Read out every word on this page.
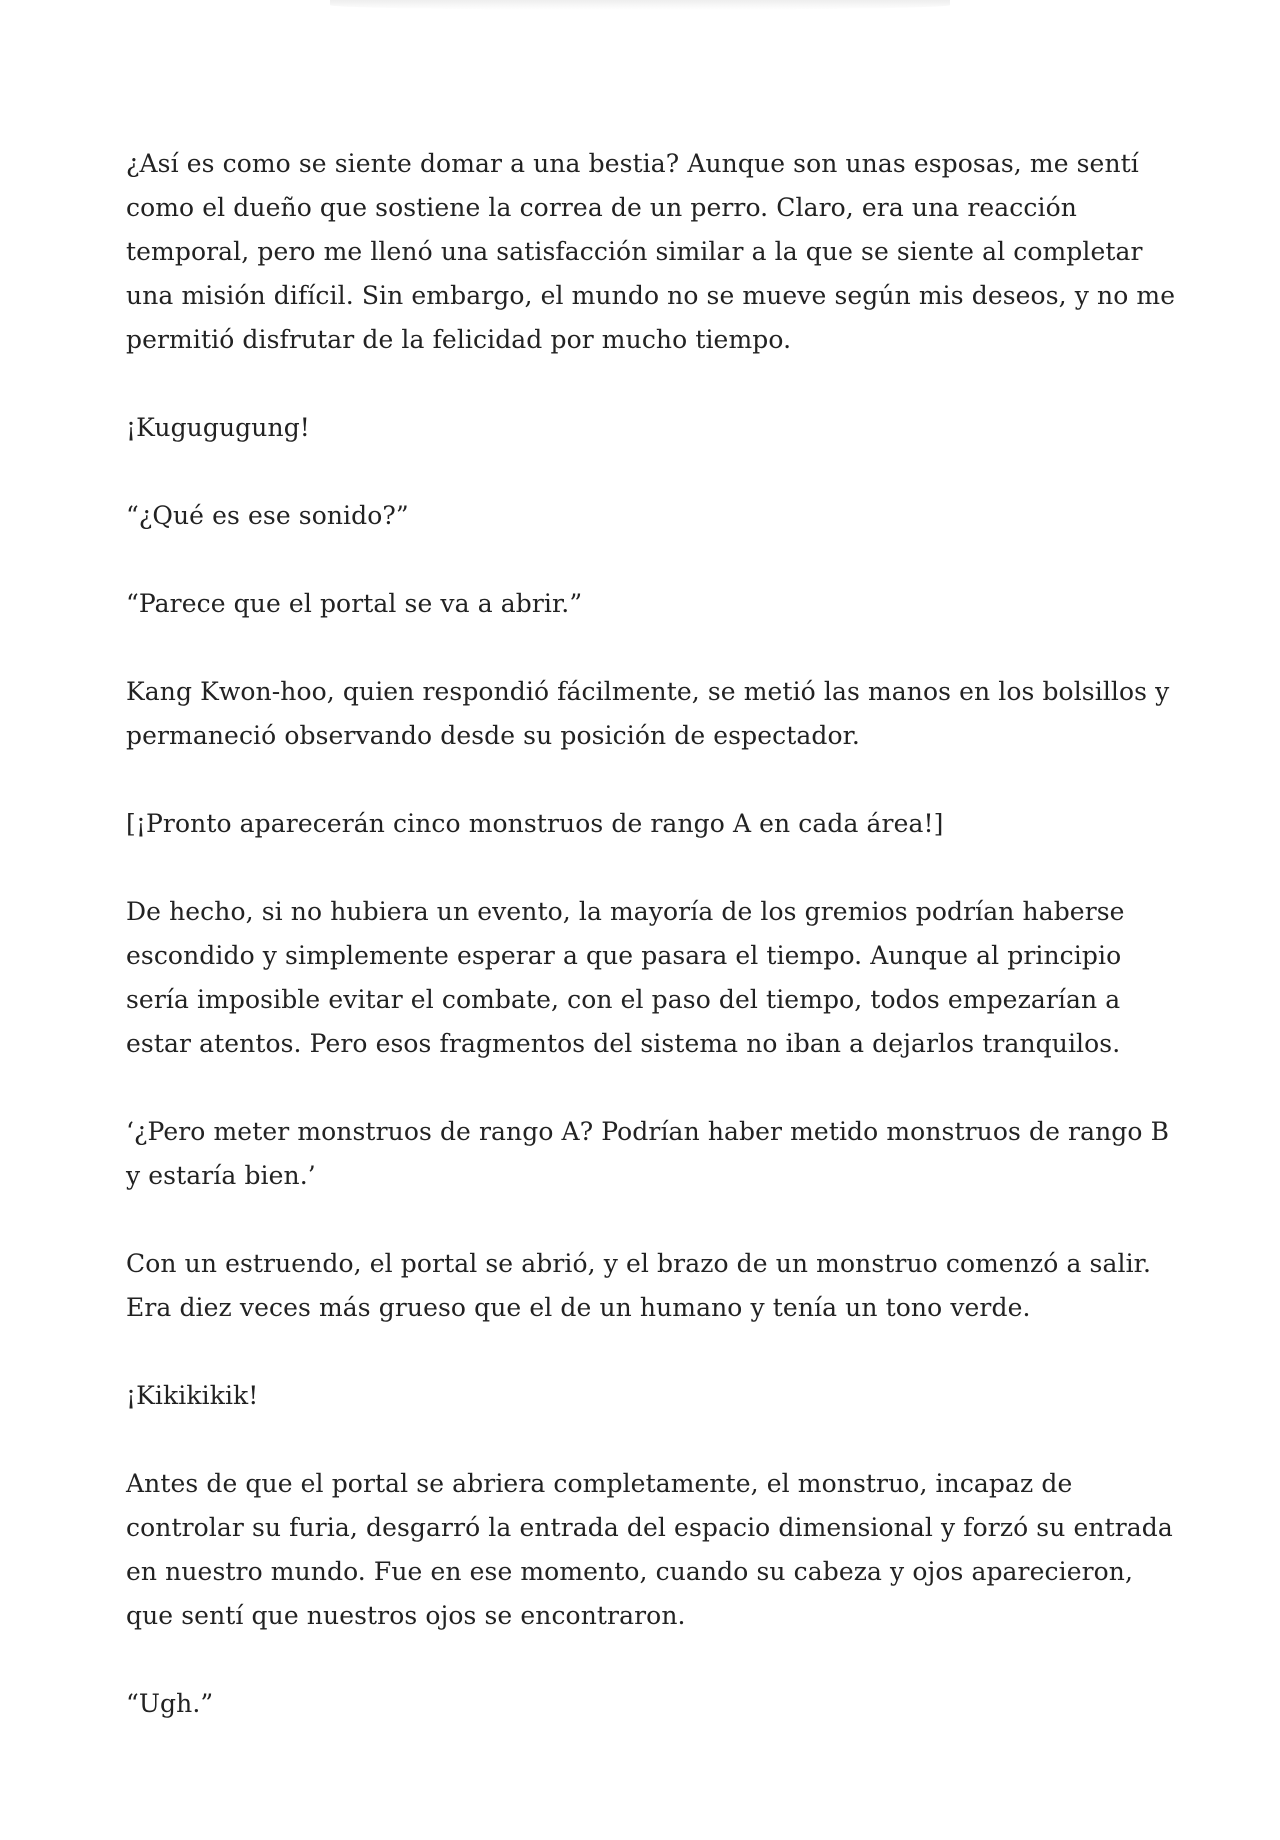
¿Así es como se siente domar a una bestia? Aunque son unas esposas, me sentí como el dueño que sostiene la correa de un perro. Claro, era una reacción temporal, pero me llenó una satisfacción similar a la que se siente al completar una misión difícil. Sin embargo, el mundo no se mueve según mis deseos, y no me permitió disfrutar de la felicidad por mucho tiempo.

¡Kugugugung!

“¿Qué es ese sonido?”

“Parece que el portal se va a abrir.”

Kang Kwon-hoo, quien respondió fácilmente, se metió las manos en los bolsillos y permaneció observando desde su posición de espectador.

[¡Pronto aparecerán cinco monstruos de rango A en cada área!]

De hecho, si no hubiera un evento, la mayoría de los gremios podrían haberse escondido y simplemente esperar a que pasara el tiempo. Aunque al principio sería imposible evitar el combate, con el paso del tiempo, todos empezarían a estar atentos. Pero esos fragmentos del sistema no iban a dejarlos tranquilos.

‘¿Pero meter monstruos de rango A? Podrían haber metido monstruos de rango B y estaría bien.’

Con un estruendo, el portal se abrió, y el brazo de un monstruo comenzó a salir. Era diez veces más grueso que el de un humano y tenía un tono verde.

¡Kikikikik!

Antes de que el portal se abriera completamente, el monstruo, incapaz de controlar su furia, desgarró la entrada del espacio dimensional y forzó su entrada en nuestro mundo. Fue en ese momento, cuando su cabeza y ojos aparecieron, que sentí que nuestros ojos se encontraron.

“Ugh.”
